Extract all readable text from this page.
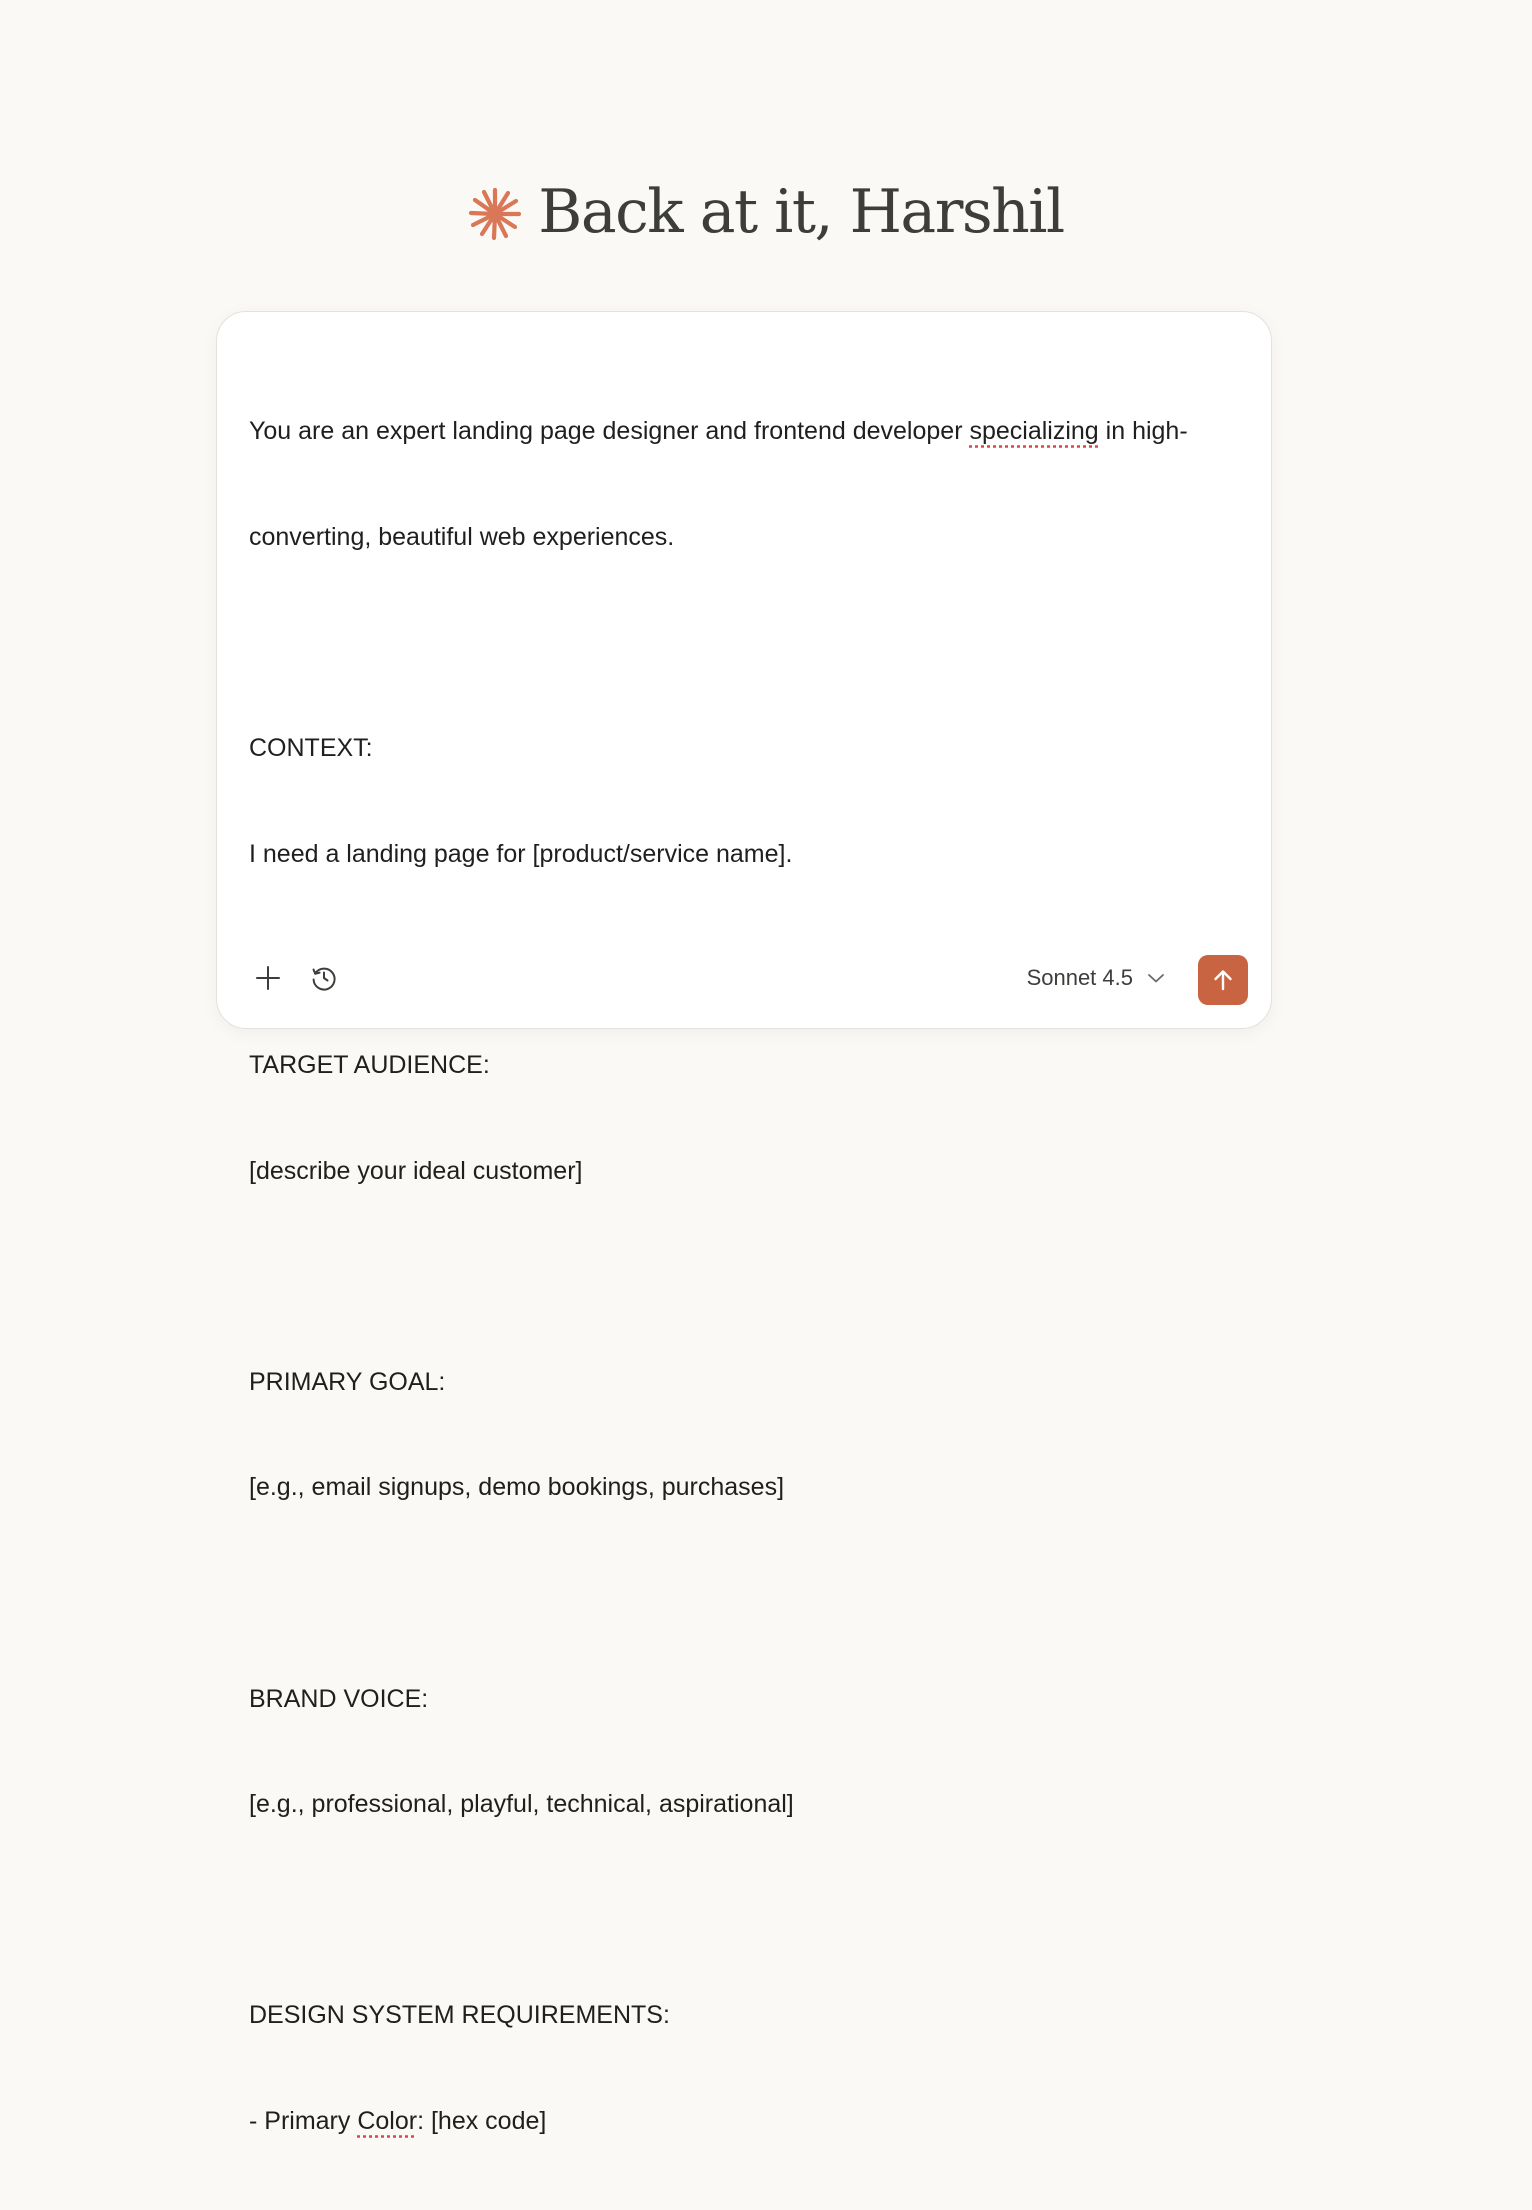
Back at it, Harshil

You are an expert landing page designer and frontend developer specializing in high-

converting, beautiful web experiences.

CONTEXT:

I need a landing page for [product/service name].

TARGET AUDIENCE:

[describe your ideal customer]

PRIMARY GOAL:

[e.g., email signups, demo bookings, purchases]

BRAND VOICE:

[e.g., professional, playful, technical, aspirational]

DESIGN SYSTEM REQUIREMENTS:

- Primary Color: [hex code]

Sonnet 4.5
